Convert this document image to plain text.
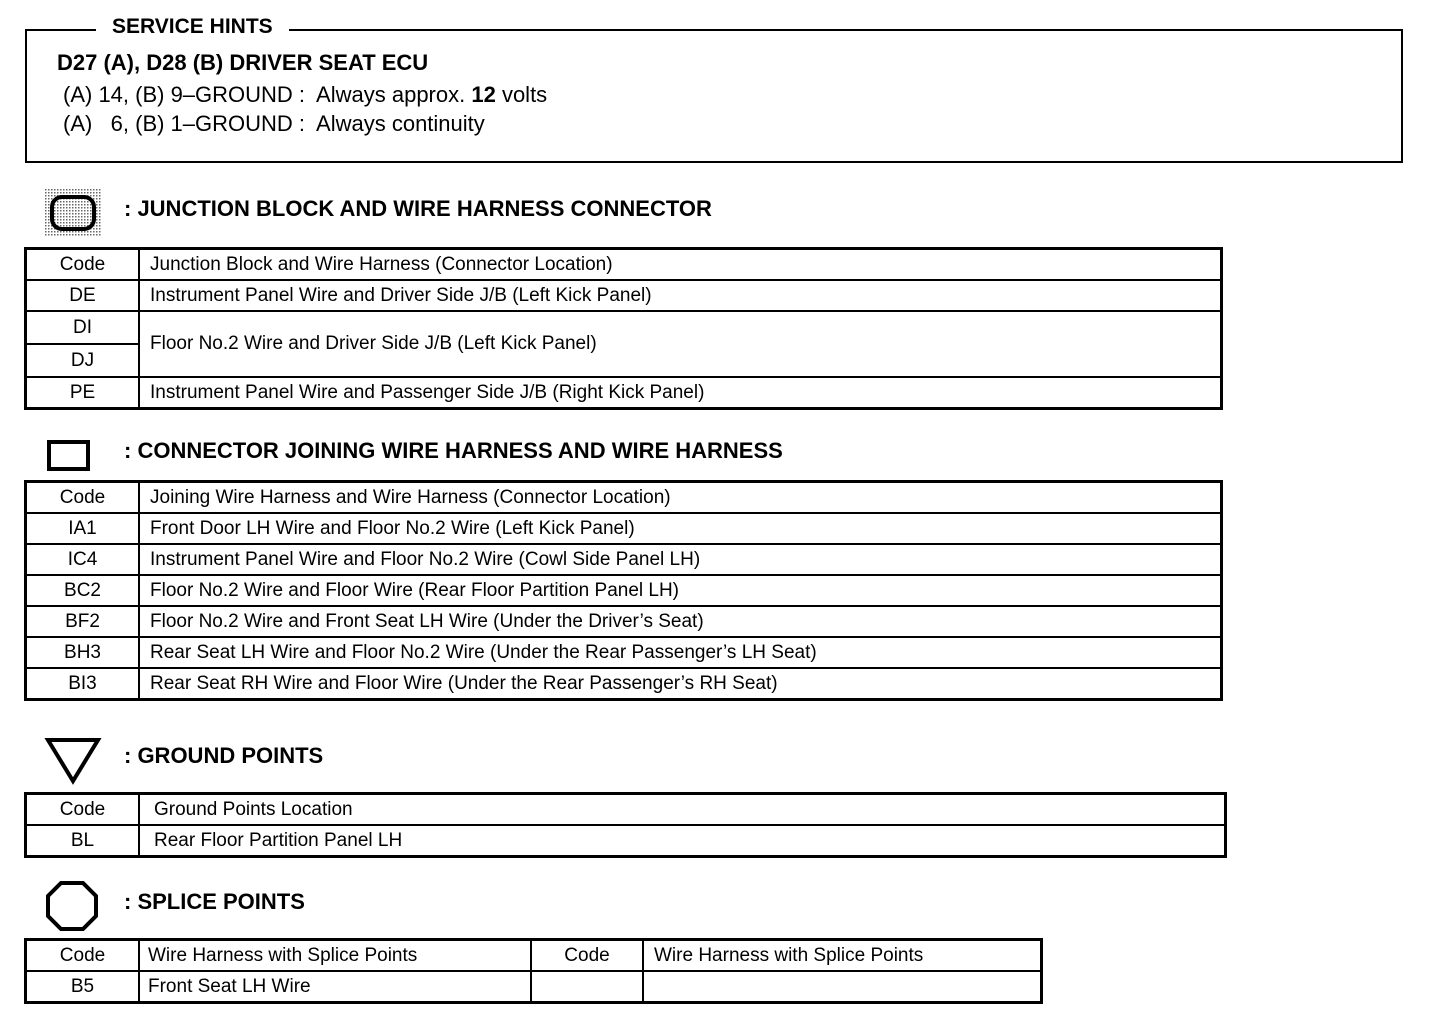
SERVICE HINTS
D27 (A), D28 (B) DRIVER SEAT ECU
(A) 14, (B) 9–GROUND :  Always approx. 12 volts
(A)   6, (B) 1–GROUND :  Always continuity
: JUNCTION BLOCK AND WIRE HARNESS CONNECTOR
Code	Junction Block and Wire Harness (Connector Location)
DE	Instrument Panel Wire and Driver Side J/B (Left Kick Panel)
DI	Floor No.2 Wire and Driver Side J/B (Left Kick Panel)
DJ	
PE	Instrument Panel Wire and Passenger Side J/B (Right Kick Panel)
: CONNECTOR JOINING WIRE HARNESS AND WIRE HARNESS
Code	Joining Wire Harness and Wire Harness (Connector Location)
IA1	Front Door LH Wire and Floor No.2 Wire (Left Kick Panel)
IC4	Instrument Panel Wire and Floor No.2 Wire (Cowl Side Panel LH)
BC2	Floor No.2 Wire and Floor Wire (Rear Floor Partition Panel LH)
BF2	Floor No.2 Wire and Front Seat LH Wire (Under the Driver’s Seat)
BH3	Rear Seat LH Wire and Floor No.2 Wire (Under the Rear Passenger’s LH Seat)
BI3	Rear Seat RH Wire and Floor Wire (Under the Rear Passenger’s RH Seat)
: GROUND POINTS
Code	Ground Points Location
BL	Rear Floor Partition Panel LH
: SPLICE POINTS
Code	Wire Harness with Splice Points	Code	Wire Harness with Splice Points
B5	Front Seat LH Wire		
